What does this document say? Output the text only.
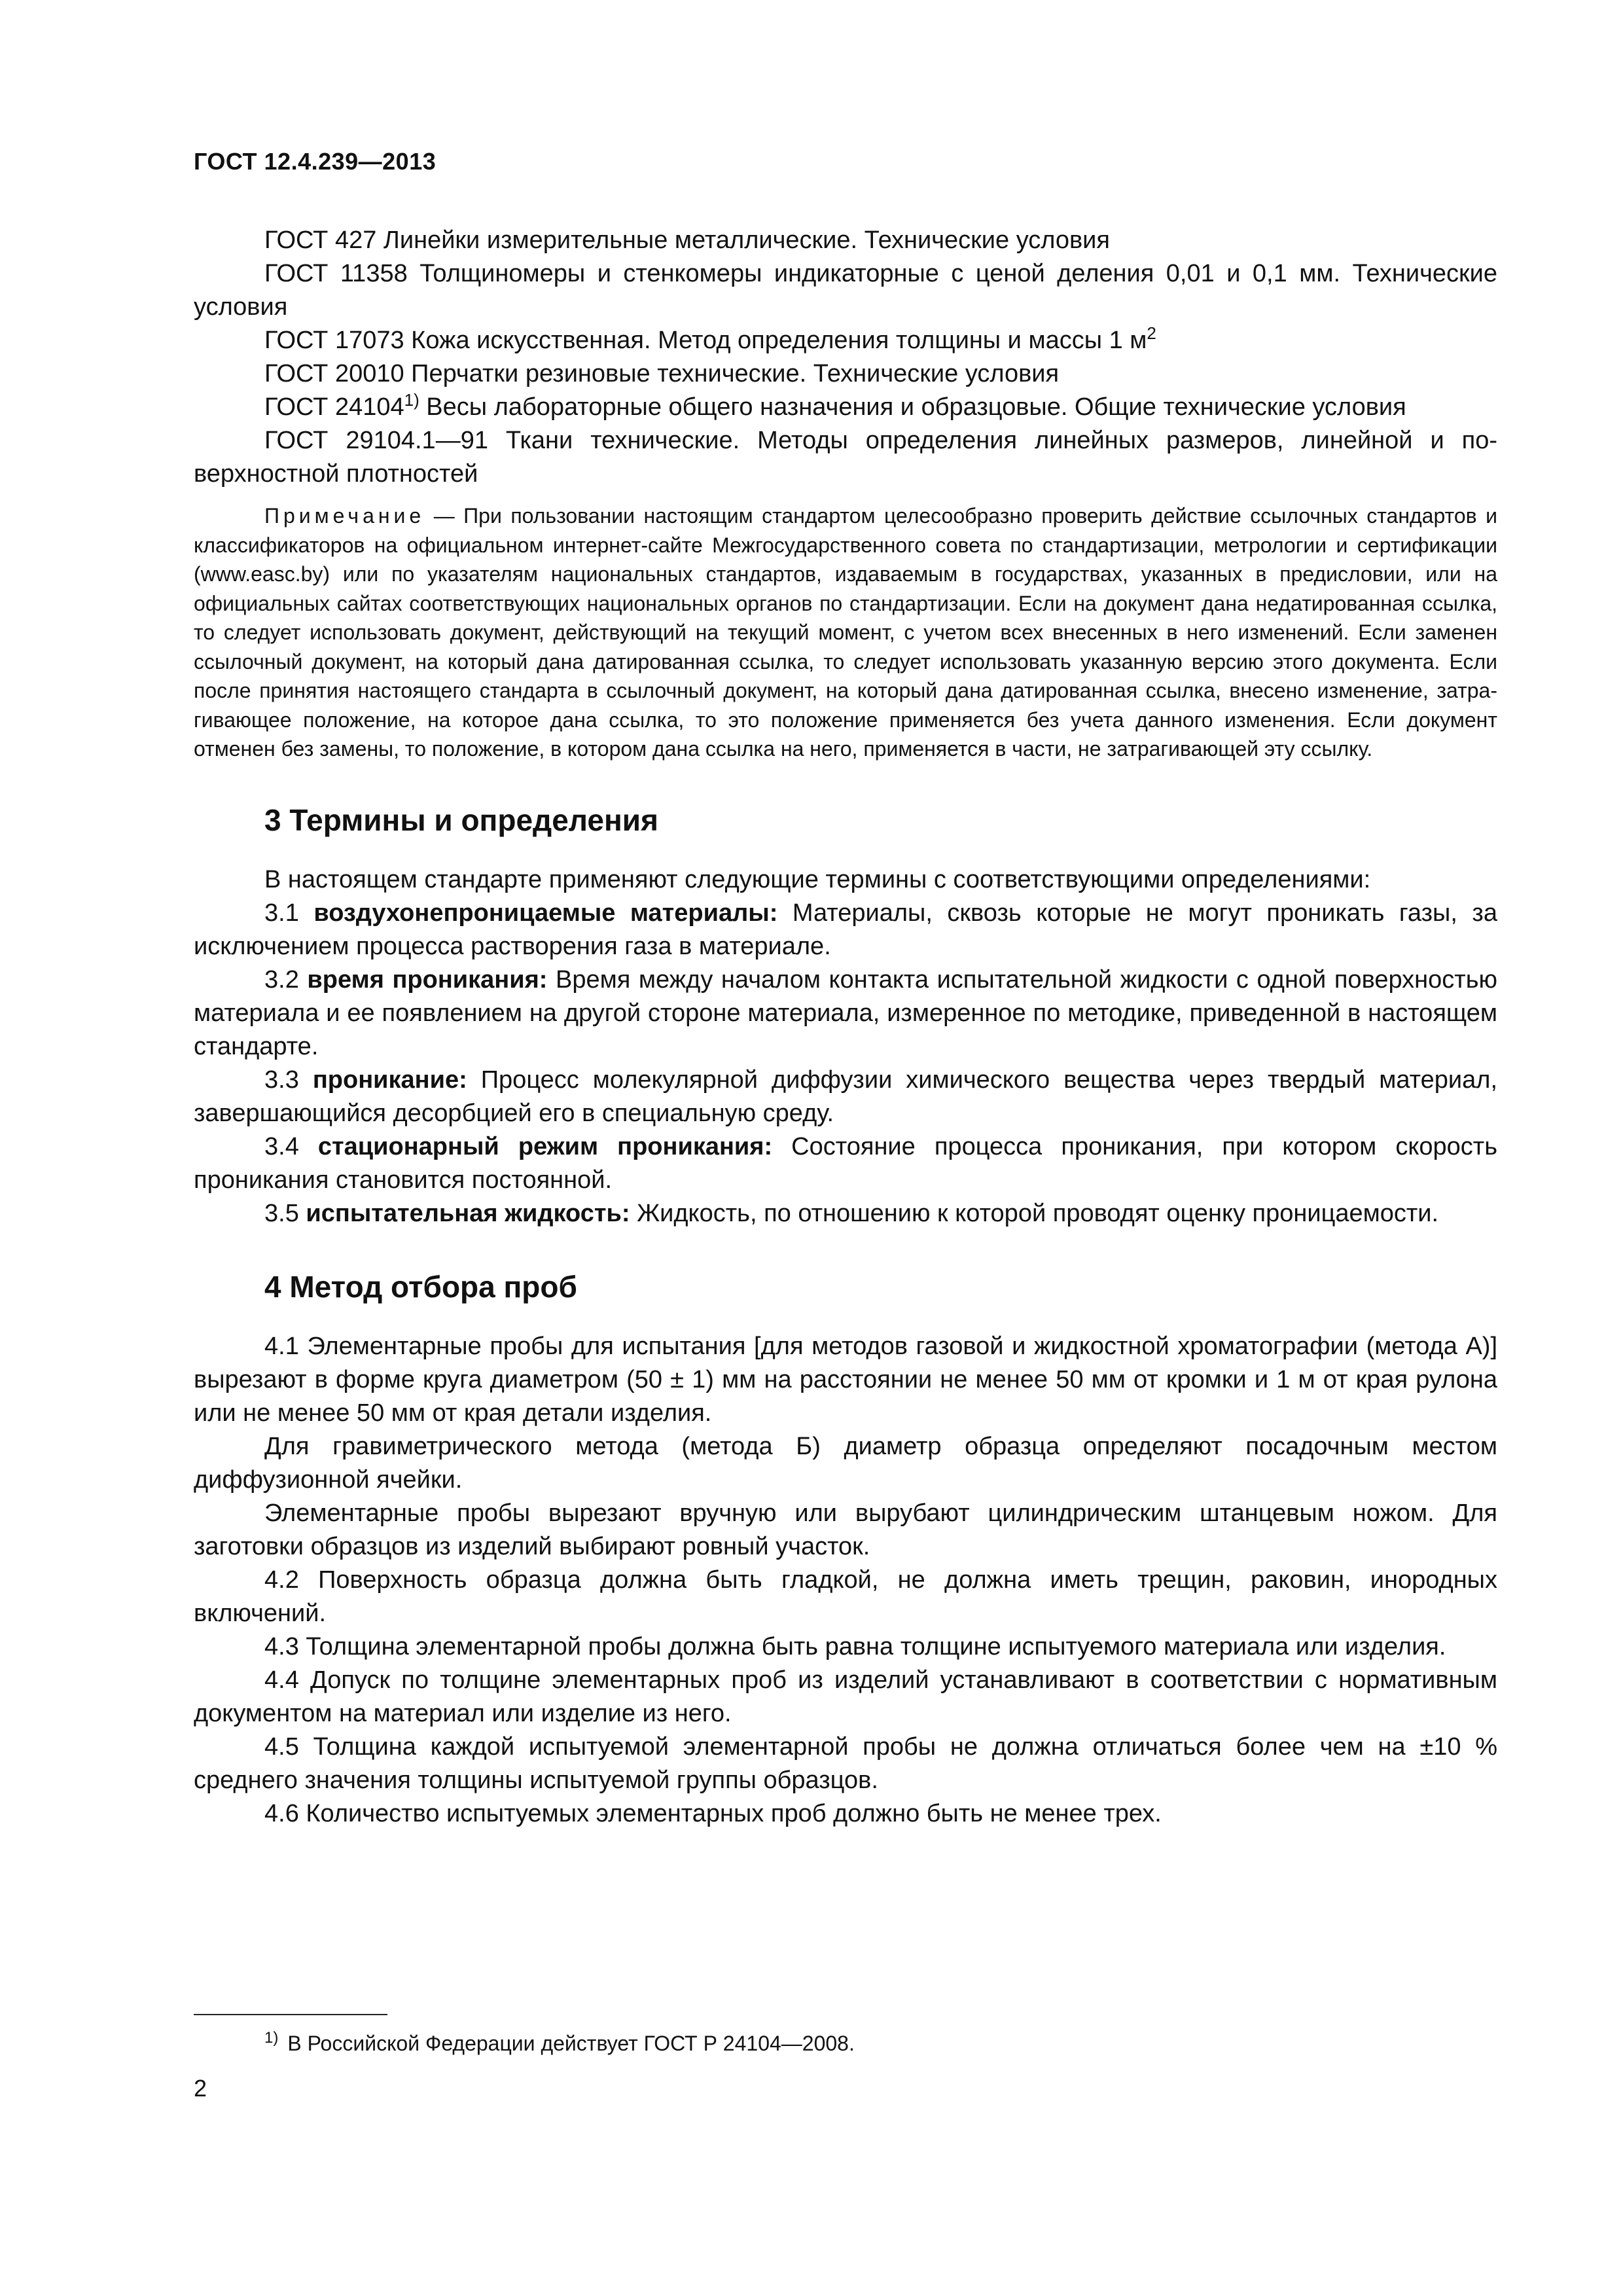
ГОСТ 12.4.239—2013

ГОСТ 427 Линейки измерительные металлические. Технические условия

ГОСТ 11358 Толщиномеры и стенкомеры индикаторные с ценой деления 0,01 и 0,1 мм. Технические условия

ГОСТ 17073 Кожа искусственная. Метод определения толщины и массы 1 $м^2$

ГОСТ 20010 Перчатки резиновые технические. Технические условия

ГОСТ 24104$^{1)}$ Весы лабораторные общего назначения и образцовые. Общие технические условия

ГОСТ 29104.1—91 Ткани технические. Методы определения линейных размеров, линейной и поверхностной плотностей

Примечание — При пользовании настоящим стандартом целесообразно проверить действие ссылочных стандартов и классификаторов на официальном интернет-сайте Межгосударственного совета по стандартизации, метрологии и сертификации (www.easc.by) или по указателям национальных стандартов, издаваемым в государствах, указанных в предисловии, или на официальных сайтах соответствующих национальных органов по стандартизации. Если на документ дана недатированная ссылка, то следует использовать документ, действующий на текущий момент, с учетом всех внесенных в него изменений. Если заменен ссылочный документ, на который дана датированная ссылка, то следует использовать указанную версию этого документа. Если после принятия настоящего стандарта в ссылочный документ, на который дана датированная ссылка, внесено изменение, затрагивающее положение, на которое дана ссылка, то это положение применяется без учета данного изменения. Если документ отменен без замены, то положение, в котором дана ссылка на него, применяется в части, не затрагивающей эту ссылку.

3 Термины и определения

В настоящем стандарте применяют следующие термины с соответствующими определениями:

3.1 воздухонепроницаемые материалы: Материалы, сквозь которые не могут проникать газы, за исключением процесса растворения газа в материале.

3.2 время проникания: Время между началом контакта испытательной жидкости с одной поверхностью материала и ее появлением на другой стороне материала, измеренное по методике, приведенной в настоящем стандарте.

3.3 проникание: Процесс молекулярной диффузии химического вещества через твердый материал, завершающийся десорбцией его в специальную среду.

3.4 стационарный режим проникания: Состояние процесса проникания, при котором скорость проникания становится постоянной.

3.5 испытательная жидкость: Жидкость, по отношению к которой проводят оценку проницаемости.

4 Метод отбора проб

4.1 Элементарные пробы для испытания [для методов газовой и жидкостной хроматографии (метода А)] вырезают в форме круга диаметром (50 ± 1) мм на расстоянии не менее 50 мм от кромки и 1 м от края рулона или не менее 50 мм от края детали изделия.

Для гравиметрического метода (метода Б) диаметр образца определяют посадочным местом диффузионной ячейки.

Элементарные пробы вырезают вручную или вырубают цилиндрическим штанцевым ножом. Для заготовки образцов из изделий выбирают ровный участок.

4.2 Поверхность образца должна быть гладкой, не должна иметь трещин, раковин, инородных включений.

4.3 Толщина элементарной пробы должна быть равна толщине испытуемого материала или изделия.

4.4 Допуск по толщине элементарных проб из изделий устанавливают в соответствии с нормативным документом на материал или изделие из него.

4.5 Толщина каждой испытуемой элементарной пробы не должна отличаться более чем на ±10 % среднего значения толщины испытуемой группы образцов.

4.6 Количество испытуемых элементарных проб должно быть не менее трех.

$^{1)}$ В Российской Федерации действует ГОСТ Р 24104—2008.
2
